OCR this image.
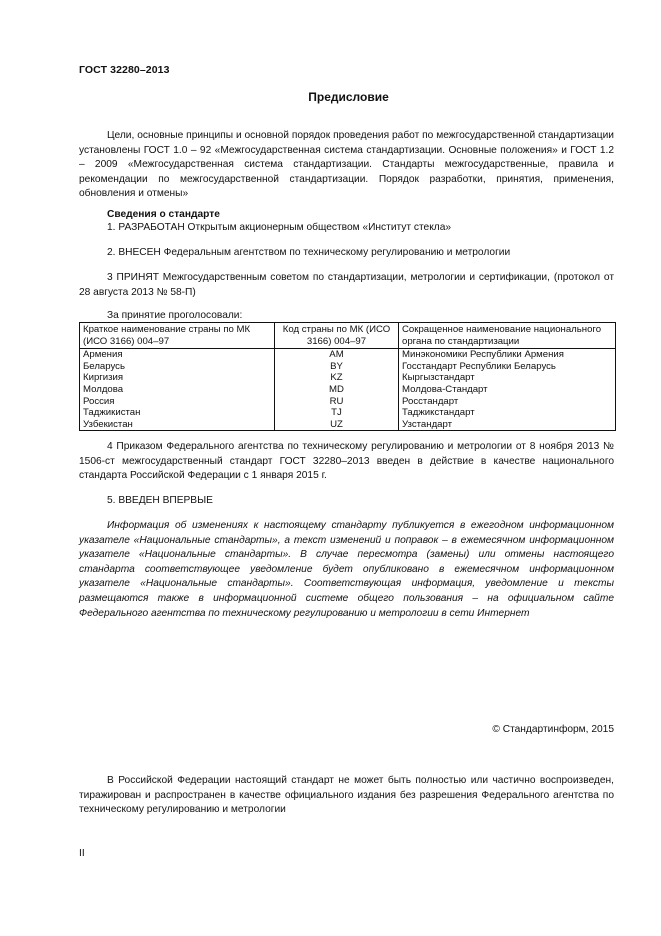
ГОСТ 32280–2013
Предисловие
Цели, основные принципы и основной порядок проведения работ по межгосударственной стандартизации установлены ГОСТ 1.0 – 92 «Межгосударственная система стандартизации. Основные положения» и ГОСТ 1.2 – 2009 «Межгосударственная система стандартизации. Стандарты межгосударственные, правила и рекомендации по межгосударственной стандартизации. Порядок разработки, принятия, применения, обновления и отмены»
Сведения о стандарте
1. РАЗРАБОТАН Открытым акционерным обществом «Институт стекла»
2. ВНЕСЕН Федеральным агентством по техническому регулированию и метрологии
3 ПРИНЯТ Межгосударственным советом по стандартизации, метрологии и сертификации, (протокол от 28 августа 2013 № 58-П)
За принятие проголосовали:
Краткое наименование страны по МК (ИСО 3166) 004–97	Код страны по МК (ИСО 3166) 004–97	Сокращенное наименование национального органа по стандартизации
Армения	AM	Минэкономики Республики Армения
Беларусь	BY	Госстандарт Республики Беларусь
Киргизия	KZ	Кыргызстандарт
Молдова	MD	Молдова-Стандарт
Россия	RU	Росстандарт
Таджикистан	TJ	Таджикстандарт
Узбекистан	UZ	Узстандарт
4 Приказом Федерального агентства по техническому регулированию и метрологии от 8 ноября 2013 № 1506-ст межгосударственный стандарт ГОСТ 32280–2013 введен в действие в качестве национального стандарта Российской Федерации с 1 января 2015 г.
5. ВВЕДЕН ВПЕРВЫЕ
Информация об изменениях к настоящему стандарту публикуется в ежегодном информационном указателе «Национальные стандарты», а текст изменений и поправок – в ежемесячном информационном указателе «Национальные стандарты». В случае пересмотра (замены) или отмены настоящего стандарта соответствующее уведомление будет опубликовано в ежемесячном информационном указателе «Национальные стандарты». Соответствующая информация, уведомление и тексты размещаются также в информационной системе общего пользования – на официальном сайте Федерального агентства по техническому регулированию и метрологии в сети Интернет
© Стандартинформ, 2015
В Российской Федерации настоящий стандарт не может быть полностью или частично воспроизведен, тиражирован и распространен в качестве официального издания без разрешения Федерального агентства по техническому регулированию и метрологии
II
